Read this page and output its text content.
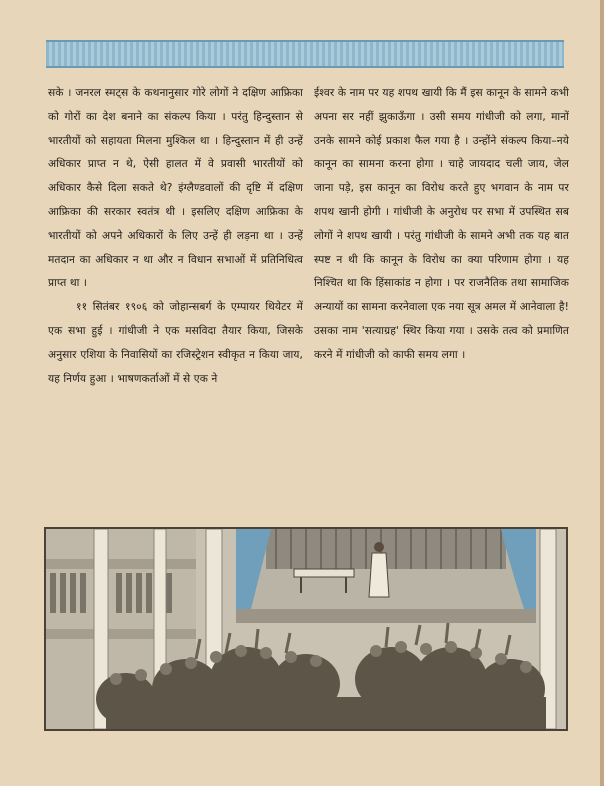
सके । जनरल स्मट्स के कथनानुसार गोरे लोगों ने दक्षिण आफ्रिका को गोरों का देश बनाने का संकल्प किया । परंतु हिन्दुस्तान से भारतीयों को सहायता मिलना मुश्किल था । हिन्दुस्तान में ही उन्हें अधिकार प्राप्त न थे, ऐसी हालत में वे प्रवासी भारतीयों को अधिकार कैसे दिला सकते थे? इंग्लैण्डवालों की दृष्टि में दक्षिण आफ्रिका की सरकार स्वतंत्र थी । इसलिए दक्षिण आफ्रिका के भारतीयों को अपने अधिकारों के लिए उन्हें ही लड़ना था । उन्हें मतदान का अधिकार न था और न विधान सभाओं में प्रतिनिधित्व प्राप्त था ।

११ सितंबर १९०६ को जोहान्सबर्ग के एम्पायर थियेटर में एक सभा हुई । गांधीजी ने एक मसविदा तैयार किया, जिसके अनुसार एशिया के निवासियों का रजिस्ट्रेशन स्वीकृत न किया जाय, यह निर्णय हुआ । भाषणकर्ताओं में से एक ने

ईश्वर के नाम पर यह शपथ खायी कि मैं इस कानून के सामने कभी अपना सर नहीं झुकाऊँगा । उसी समय गांधीजी को लगा, मानों उनके सामने कोई प्रकाश फैल गया है । उन्होंने संकल्प किया–नये कानून का सामना करना होगा । चाहे जायदाद चली जाय, जेल जाना पड़े, इस कानून का विरोध करते हुए भगवान के नाम पर शपथ खानी होगी । गांधीजी के अनुरोध पर सभा में उपस्थित सब लोगों ने शपथ खायी । परंतु गांधीजी के सामने अभी तक यह बात स्पष्ट न थी कि कानून के विरोध का क्या परिणाम होगा । यह निश्चित था कि हिंसाकांड न होगा । पर राजनैतिक तथा सामाजिक अन्यायों का सामना करनेवाला एक नया सूत्र अमल में आनेवाला है! उसका नाम 'सत्याग्रह' स्थिर किया गया । उसके तत्व को प्रमाणित करने में गांधीजी को काफी समय लगा ।
